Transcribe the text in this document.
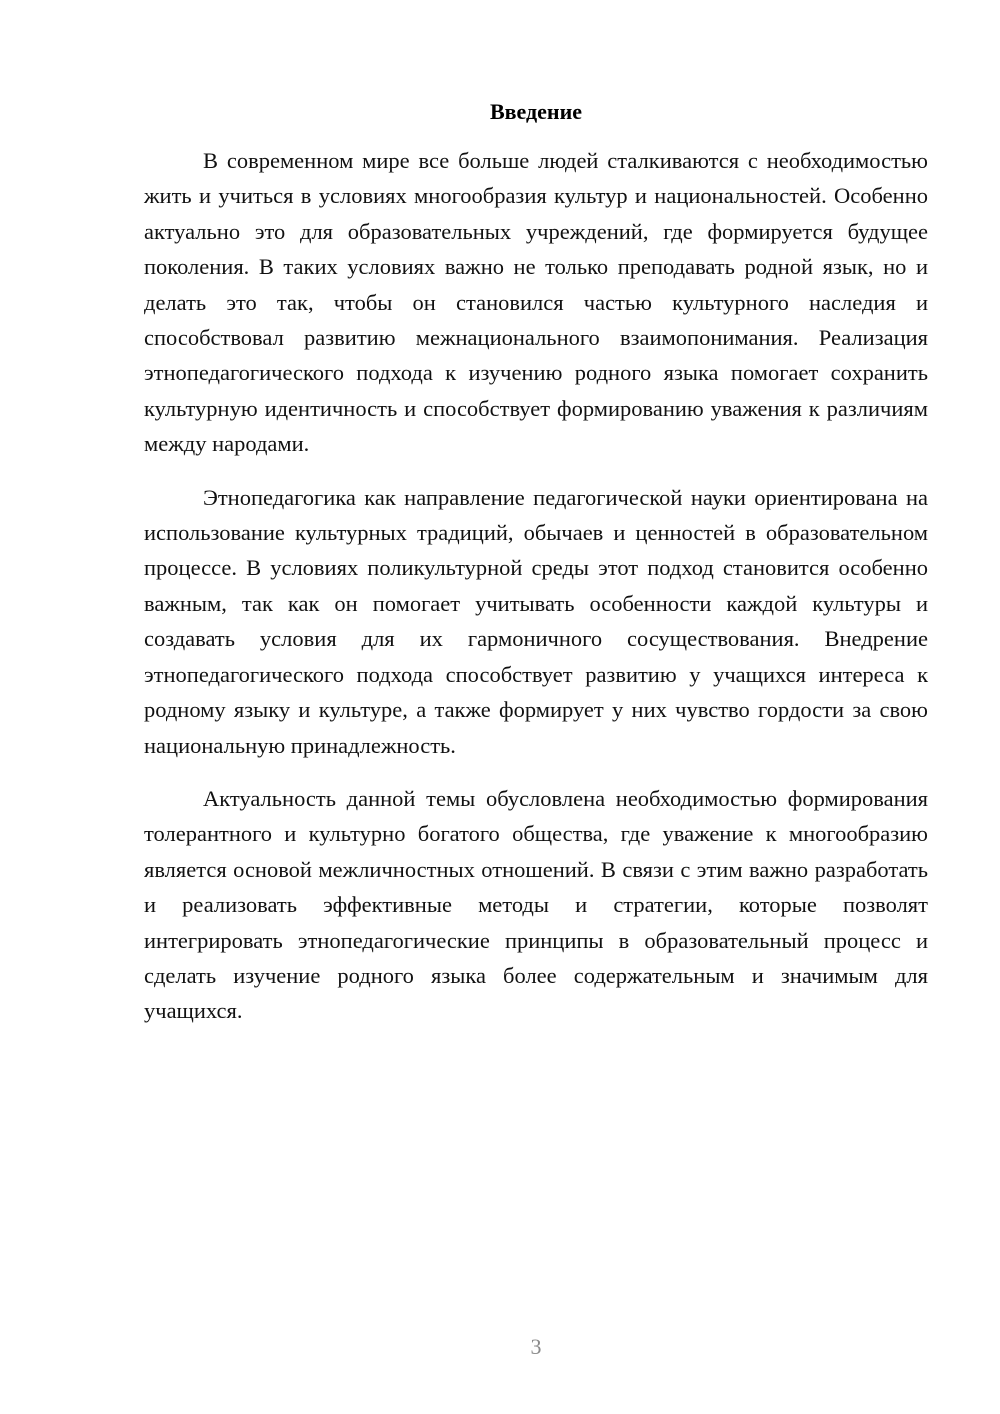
Введение

В современном мире все больше людей сталкиваются с необходимостью жить и учиться в условиях многообразия культур и национальностей. Особенно актуально это для образовательных учреждений, где формируется будущее поколения. В таких условиях важно не только преподавать родной язык, но и делать это так, чтобы он становился частью культурного наследия и способствовал развитию межнационального взаимопонимания. Реализация этнопедагогического подхода к изучению родного языка помогает сохранить культурную идентичность и способствует формированию уважения к различиям между народами.

Этнопедагогика как направление педагогической науки ориентирована на использование культурных традиций, обычаев и ценностей в образовательном процессе. В условиях поликультурной среды этот подход становится особенно важным, так как он помогает учитывать особенности каждой культуры и создавать условия для их гармоничного сосуществования. Внедрение этнопедагогического подхода способствует развитию у учащихся интереса к родному языку и культуре, а также формирует у них чувство гордости за свою национальную принадлежность.

Актуальность данной темы обусловлена необходимостью формирования толерантного и культурно богатого общества, где уважение к многообразию является основой межличностных отношений. В связи с этим важно разработать и реализовать эффективные методы и стратегии, которые позволят интегрировать этнопедагогические принципы в образовательный процесс и сделать изучение родного языка более содержательным и значимым для учащихся.

3
